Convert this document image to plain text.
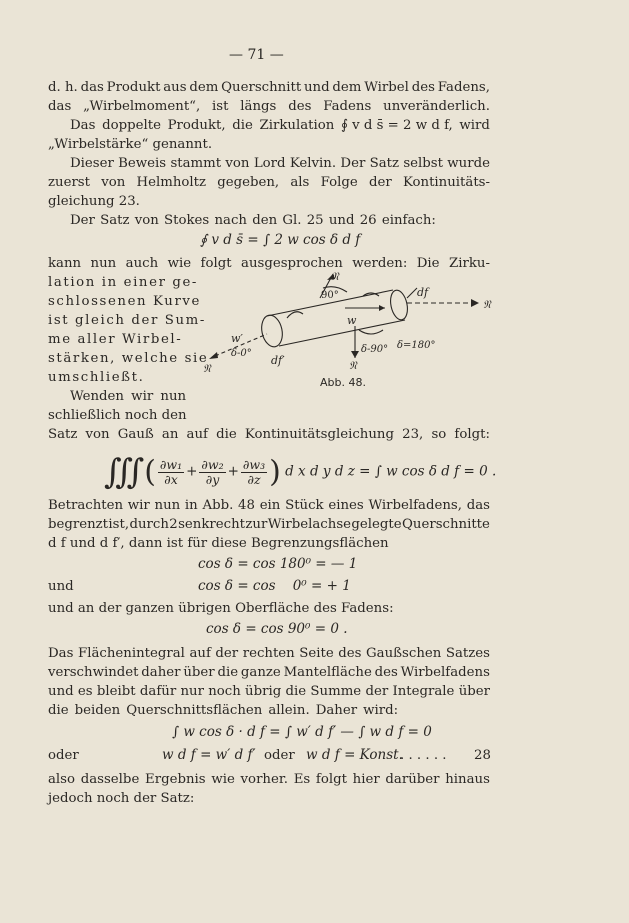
— 71 —
d. h. das Produkt aus dem Querschnitt und dem Wirbel des Fadens,
das „Wirbelmoment“, ist längs des Fadens unveränderlich.
Das doppelte Produkt, die Zirkulation ∮ v d s̄ = 2 w d f, wird
„Wirbelstärke“ genannt.
Dieser Beweis stammt von Lord Kelvin. Der Satz selbst wurde
zuerst von Helmholtz gegeben, als Folge der Kontinuitäts-
gleichung 23.
Der Satz von Stokes nach den Gl. 25 und 26 einfach:
∮ v d s̄ = ∫ 2 w cos δ d f
kann nun auch wie folgt ausgesprochen werden: Die Zirku-
lation in einer ge-
schlossenen Kurve
ist gleich der Sum-
me aller Wirbel-
stärken, welche sie
umschließt.
Wenden wir nun
schließlich noch den
𝔑
90°	df
𝔑
w
w′
δ-0°
df′
𝔑
δ-90° δ=180°
𝔑
Abb. 48.
Satz von Gauß an auf die Kontinuitätsgleichung 23, so folgt:
∭ ( $\frac{\text{∂w₁}}{\partial x} + \frac{\text{∂w₂}}{\partial y} + \frac{\text{∂w₃}}{\partial z}$ ) d x d y d z = ∫ w cos δ d f = 0 .
Betrachten wir nun in Abb. 48 ein Stück eines Wirbelfadens, das
begrenzt ist, durch 2 senkrecht zur Wirbelachse gelegte Querschnitte
d f und d f′, dann ist für diese Begrenzungsflächen
cos δ = cos 180⁰ = — 1
und	cos δ = cos    0⁰ = + 1
und an der ganzen übrigen Oberfläche des Fadens:
cos δ = cos 90⁰ = 0 .
Das Flächenintegral auf der rechten Seite des Gaußschen Satzes
verschwindet daher über die ganze Mantelfläche des Wirbelfadens
und es bleibt dafür nur noch übrig die Summe der Integrale über
die beiden Querschnittsflächen allein. Daher wird:
∫ w cos δ · d f = ∫ w′ d f′ — ∫ w d f = 0
oder	w d f = w′ d f′ oder w d f = Konst.
. . . . . . 28
also dasselbe Ergebnis wie vorher. Es folgt hier darüber hinaus
jedoch noch der Satz:
